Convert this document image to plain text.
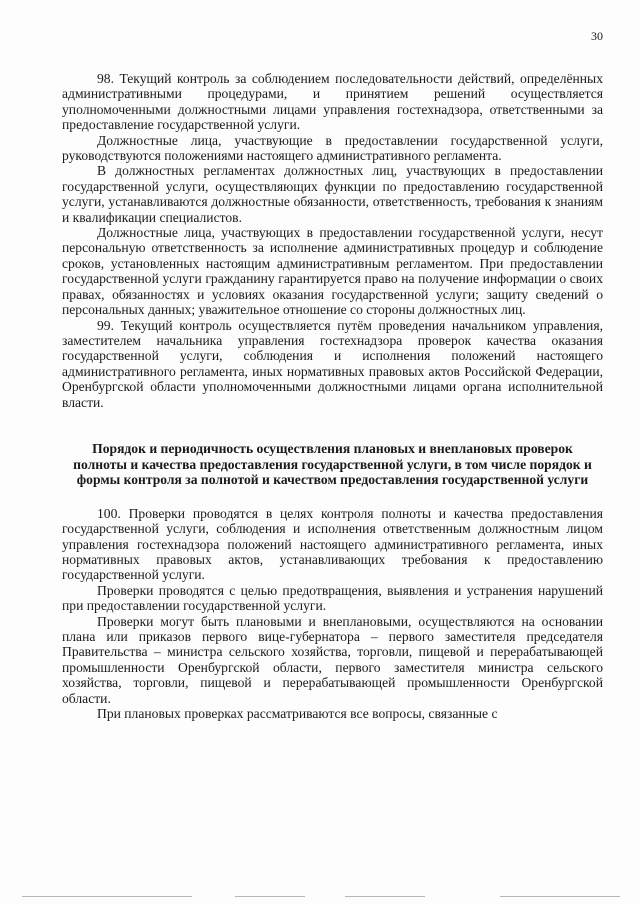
30

98. Текущий контроль за соблюдением последовательности действий, определённых административными процедурами, и принятием решений осуществляется уполномоченными должностными лицами управления гостехнадзора, ответственными за предоставление государственной услуги.

Должностные лица, участвующие в предоставлении государственной услуги, руководствуются положениями настоящего административного регламента.

В должностных регламентах должностных лиц, участвующих в предоставлении государственной услуги, осуществляющих функции по предоставлению государственной услуги, устанавливаются должностные обязанности, ответственность, требования к знаниям и квалификации специалистов.

Должностные лица, участвующих в предоставлении государственной услуги, несут персональную ответственность за исполнение административных процедур и соблюдение сроков, установленных настоящим административным регламентом. При предоставлении государственной услуги гражданину гарантируется право на получение информации о своих правах, обязанностях и условиях оказания государственной услуги; защиту сведений о персональных данных; уважительное отношение со стороны должностных лиц.

99. Текущий контроль осуществляется путём проведения начальником управления, заместителем начальника управления гостехнадзора проверок качества оказания государственной услуги, соблюдения и исполнения положений настоящего административного регламента, иных нормативных правовых актов Российской Федерации, Оренбургской области уполномоченными должностными лицами органа исполнительной власти.

Порядок и периодичность осуществления плановых и внеплановых проверок полноты и качества предоставления государственной услуги, в том числе порядок и формы контроля за полнотой и качеством предоставления государственной услуги

100. Проверки проводятся в целях контроля полноты и качества предоставления государственной услуги, соблюдения и исполнения ответственным должностным лицом управления гостехнадзора положений настоящего административного регламента, иных нормативных правовых актов, устанавливающих требования к предоставлению государственной услуги.

Проверки проводятся с целью предотвращения, выявления и устранения нарушений при предоставлении государственной услуги.

Проверки могут быть плановыми и внеплановыми, осуществляются на основании плана или приказов первого вице-губернатора – первого заместителя председателя Правительства – министра сельского хозяйства, торговли, пищевой и перерабатывающей промышленности Оренбургской области, первого заместителя министра сельского хозяйства, торговли, пищевой и перерабатывающей промышленности Оренбургской области.

При плановых проверках рассматриваются все вопросы, связанные с
